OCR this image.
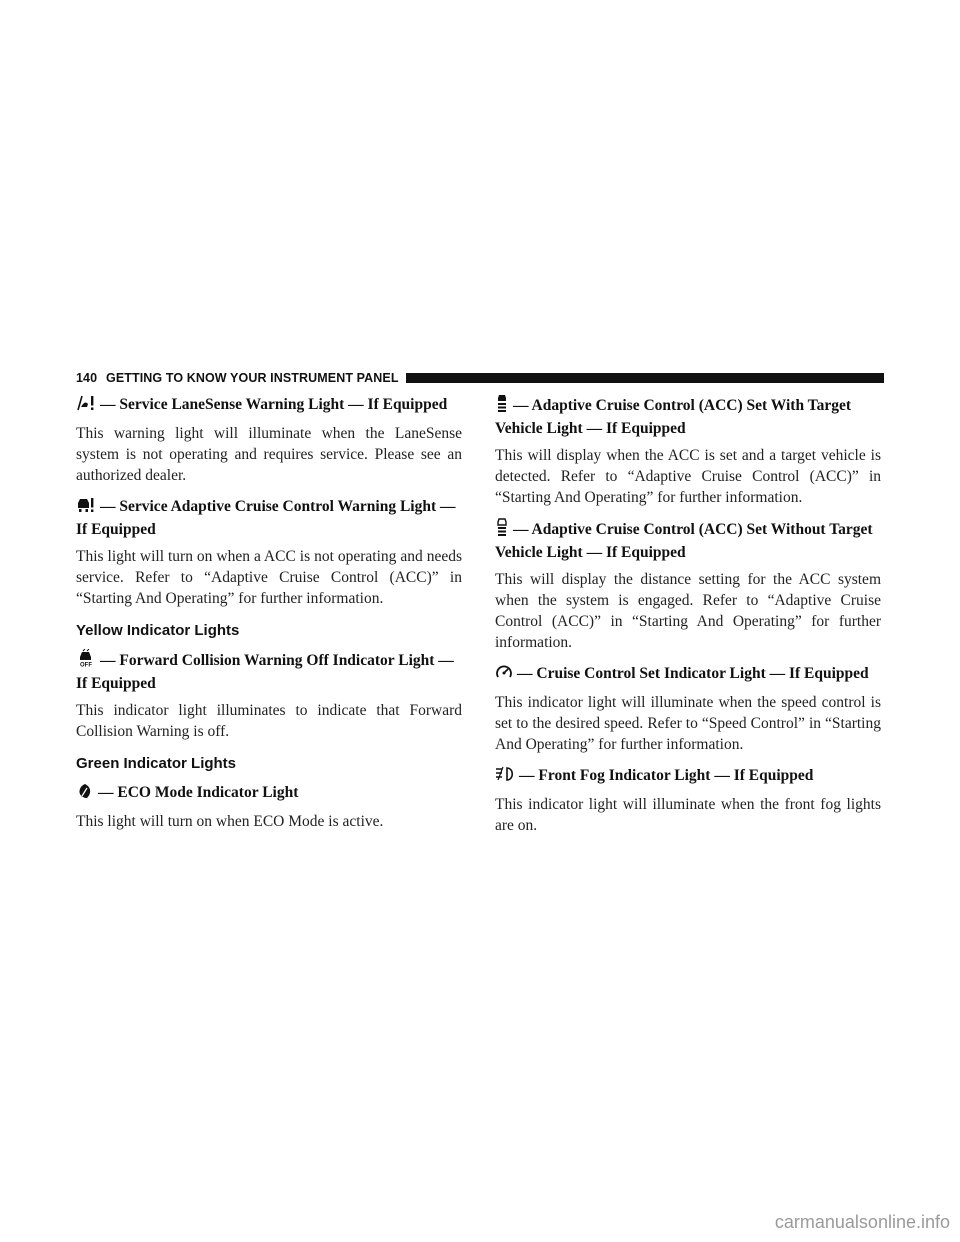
140 GETTING TO KNOW YOUR INSTRUMENT PANEL

— Service LaneSense Warning Light — If Equipped

This warning light will illuminate when the LaneSense system is not operating and requires service. Please see an authorized dealer.

— Service Adaptive Cruise Control Warning Light — If Equipped

This light will turn on when a ACC is not operating and needs service. Refer to “Adaptive Cruise Control (ACC)” in “Starting And Operating” for further information.

Yellow Indicator Lights

OFF — Forward Collision Warning Off Indicator Light — If Equipped

This indicator light illuminates to indicate that Forward Collision Warning is off.

Green Indicator Lights

— ECO Mode Indicator Light

This light will turn on when ECO Mode is active.

— Adaptive Cruise Control (ACC) Set With Target Vehicle Light — If Equipped

This will display when the ACC is set and a target vehicle is detected. Refer to “Adaptive Cruise Control (ACC)” in “Starting And Operating” for further information.

— Adaptive Cruise Control (ACC) Set Without Target Vehicle Light — If Equipped

This will display the distance setting for the ACC system when the system is engaged. Refer to “Adaptive Cruise Control (ACC)” in “Starting And Operating” for further information.

— Cruise Control Set Indicator Light — If Equipped

This indicator light will illuminate when the speed control is set to the desired speed. Refer to “Speed Control” in “Starting And Operating” for further information.

— Front Fog Indicator Light — If Equipped

This indicator light will illuminate when the front fog lights are on.

carmanualsonline.info
